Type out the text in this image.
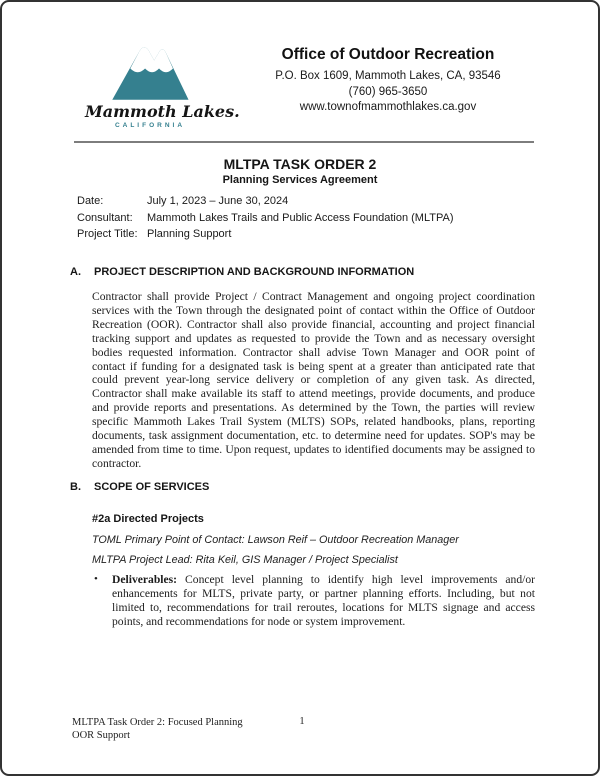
Mammoth Lakes.
CALIFORNIA
Office of Outdoor Recreation
P.O. Box 1609, Mammoth Lakes, CA, 93546
(760) 965-3650
www.townofmammothlakes.ca.gov
MLTPA TASK ORDER 2
Planning Services Agreement
Date:	July 1, 2023 – June 30, 2024
Consultant:	Mammoth Lakes Trails and Public Access Foundation (MLTPA)
Project Title: Planning Support
A. PROJECT DESCRIPTION AND BACKGROUND INFORMATION
Contractor shall provide Project / Contract Management and ongoing project coordination services with the Town through the designated point of contact within the Office of Outdoor Recreation (OOR). Contractor shall also provide financial, accounting and project financial tracking support and updates as requested to provide the Town and as necessary oversight bodies requested information. Contractor shall advise Town Manager and OOR point of contact if funding for a designated task is being spent at a greater than anticipated rate that could prevent year-long service delivery or completion of any given task. As directed, Contractor shall make available its staff to attend meetings, provide documents, and produce and provide reports and presentations. As determined by the Town, the parties will review specific Mammoth Lakes Trail System (MLTS) SOPs, related handbooks, plans, reporting documents, task assignment documentation, etc. to determine need for updates. SOP's may be amended from time to time. Upon request, updates to identified documents may be assigned to contractor.
B. SCOPE OF SERVICES
#2a Directed Projects
TOML Primary Point of Contact: Lawson Reif – Outdoor Recreation Manager
MLTPA Project Lead: Rita Keil, GIS Manager / Project Specialist
•	Deliverables: Concept level planning to identify high level improvements and/or enhancements for MLTS, private party, or partner planning efforts. Including, but not limited to, recommendations for trail reroutes, locations for MLTS signage and access points, and recommendations for node or system improvement.
MLTPA Task Order 2: Focused Planning
OOR Support
1
